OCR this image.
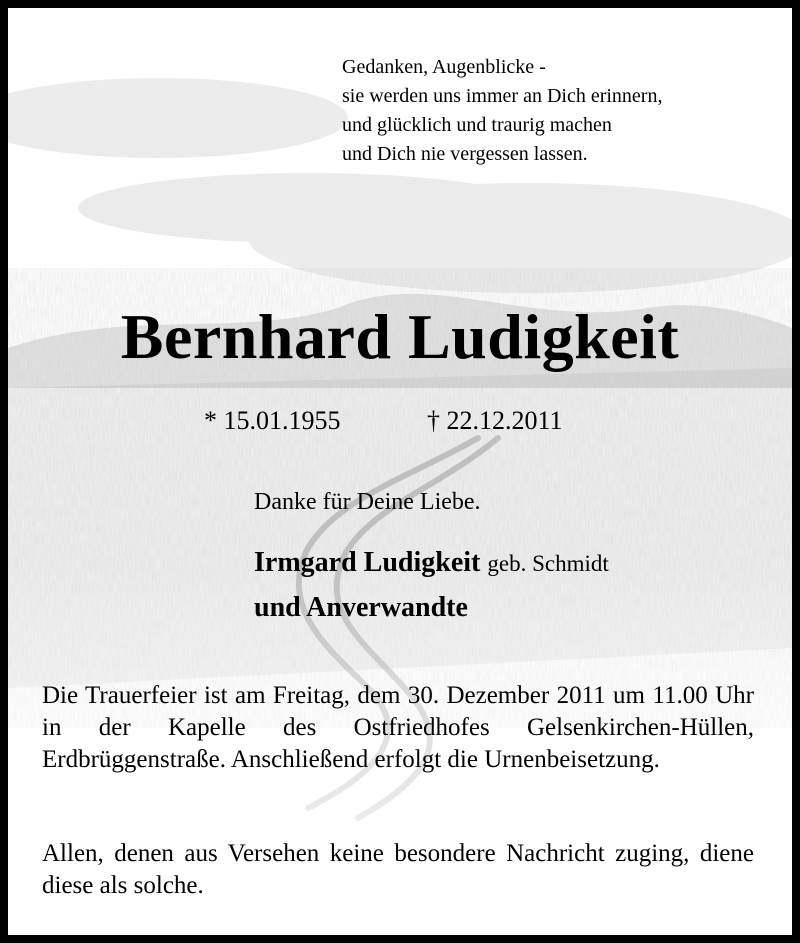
Gedanken, Augenblicke -
sie werden uns immer an Dich erinnern,
und glücklich und traurig machen
und Dich nie vergessen lassen.
Bernhard Ludigkeit
* 15.01.1955	† 22.12.2011
Danke für Deine Liebe.
Irmgard Ludigkeit geb. Schmidt
und Anverwandte
Die Trauerfeier ist am Freitag, dem 30. Dezember 2011 um 11.00 Uhr in der Kapelle des Ostfriedhofes Gelsenkirchen-Hüllen, Erdbrüggenstraße. Anschließend erfolgt die Urnenbeisetzung.
Allen, denen aus Versehen keine besondere Nachricht zuging, diene diese als solche.
